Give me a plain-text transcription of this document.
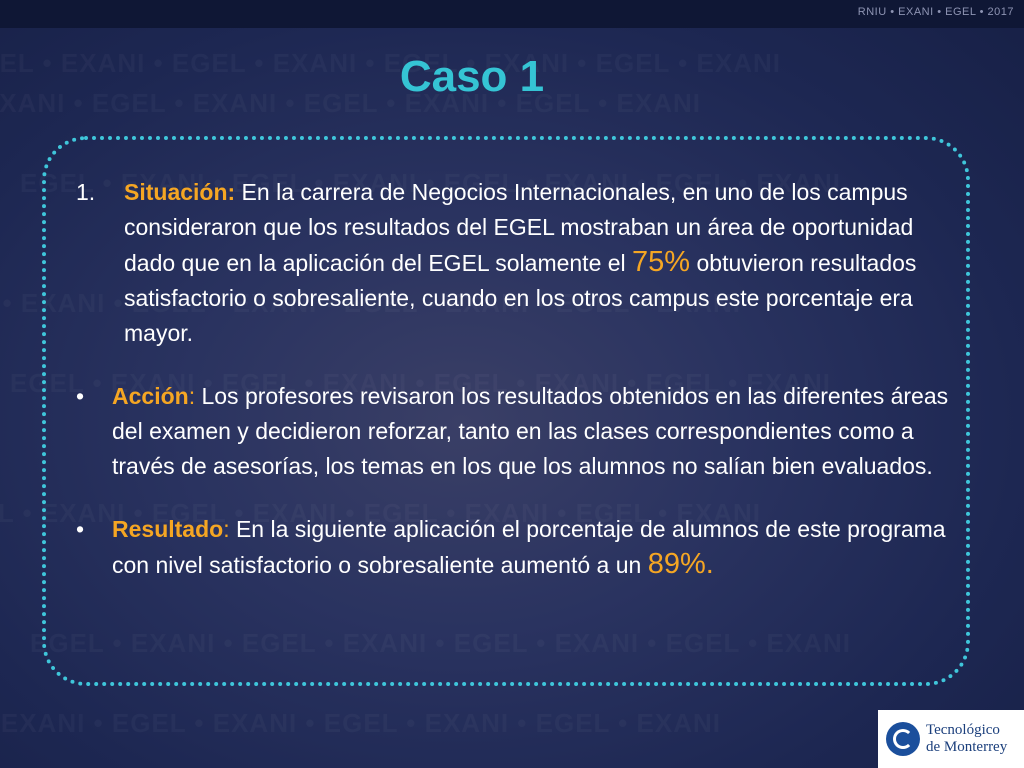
RNIU • EXANI • EGEL • 2017
Caso 1
1. Situación: En la carrera de Negocios Internacionales, en uno de los campus consideraron que los resultados del EGEL mostraban un área de oportunidad dado que en la aplicación del EGEL solamente el 75% obtuvieron resultados satisfactorio o sobresaliente, cuando en los otros campus este porcentaje era mayor.
• Acción: Los profesores revisaron los resultados obtenidos en las diferentes áreas del examen y decidieron reforzar, tanto en las clases correspondientes como a través de asesorías, los temas en los que los alumnos no salían bien evaluados.
• Resultado: En la siguiente aplicación el porcentaje de alumnos de este programa con nivel satisfactorio o sobresaliente aumentó a un 89%.
Tecnológico
de Monterrey
